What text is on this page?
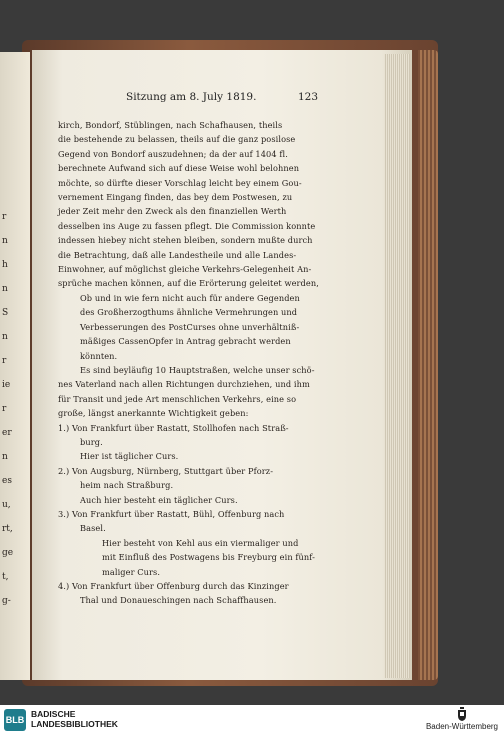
r
n
h
n
S
n
r
ie
r
er
n
es
u,
rt,
ge
t,
g-
Sitzung am 8. July 1819.	123

kirch, Bondorf, Stüblingen, nach Schafhausen, theils

die bestehende zu belassen, theils auf die ganz posilose

Gegend von Bondorf auszudehnen; da der auf 1404 fl.

berechnete Aufwand sich auf diese Weise wohl belohnen

möchte, so dürfte dieser Vorschlag leicht bey einem Gou-

vernement Eingang finden, das bey dem Postwesen, zu

jeder Zeit mehr den Zweck als den finanziellen Werth

desselben ins Auge zu fassen pflegt. Die Commission konnte

indessen hiebey nicht stehen bleiben, sondern mußte durch

die Betrachtung, daß alle Landestheile und alle Landes-

Einwohner, auf möglichst gleiche Verkehrs-Gelegenheit An-

sprüche machen können, auf die Erörterung geleitet werden,

Ob und in wie fern nicht auch für andere Gegenden

des Großherzogthums ähnliche Vermehrungen und

Verbesserungen des PostCurses ohne unverhältniß-

mäßiges CassenOpfer in Antrag gebracht werden

könnten.

Es sind beyläufig 10 Hauptstraßen, welche unser schö-

nes Vaterland nach allen Richtungen durchziehen, und ihm

für Transit und jede Art menschlichen Verkehrs, eine so

große, längst anerkannte Wichtigkeit geben:

1.) Von Frankfurt über Rastatt, Stollhofen nach Straß-

burg.

Hier ist täglicher Curs.

2.) Von Augsburg, Nürnberg, Stuttgart über Pforz-

heim nach Straßburg.

Auch hier besteht ein täglicher Curs.

3.) Von Frankfurt über Rastatt, Bühl, Offenburg nach

Basel.

Hier besteht von Kehl aus ein viermaliger und

mit Einfluß des Postwagens bis Freyburg ein fünf-

maliger Curs.

4.) Von Frankfurt über Offenburg durch das Kinzinger

Thal und Donaueschingen nach Schaffhausen.

BLB
BADISCHE
LANDESBIBLIOTHEK	Baden-Württemberg
